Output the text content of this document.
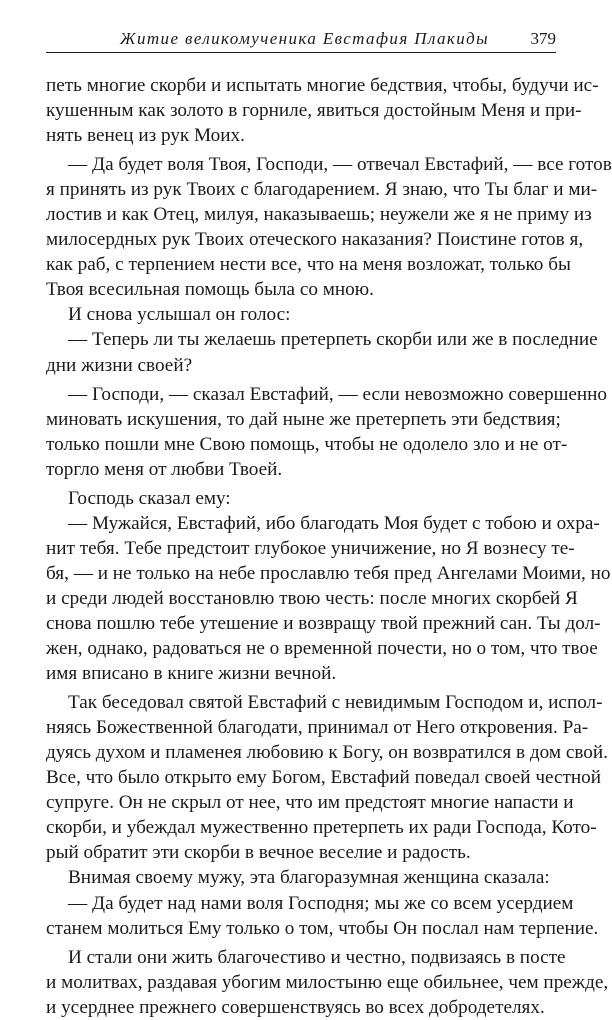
Житие великомученика Евстафия Плакиды 379
петь многие скорби и испытать многие бедствия, чтобы, будучи ис-
кушенным как золото в горниле, явиться достойным Меня и при-
нять венец из рук Моих.
— Да будет воля Твоя, Господи, — отвечал Евстафий, — все готов
я принять из рук Твоих с благодарением. Я знаю, что Ты благ и ми-
лостив и как Отец, милуя, наказываешь; неужели же я не приму из
милосердных рук Твоих отеческого наказания? Поистине готов я,
как раб, с терпением нести все, что на меня возложат, только бы
Твоя всесильная помощь была со мною.
И снова услышал он голос:
— Теперь ли ты желаешь претерпеть скорби или же в последние
дни жизни своей?
— Господи, — сказал Евстафий, — если невозможно совершенно
миновать искушения, то дай ныне же претерпеть эти бедствия;
только пошли мне Свою помощь, чтобы не одолело зло и не от-
торгло меня от любви Твоей.
Господь сказал ему:
— Мужайся, Евстафий, ибо благодать Моя будет с тобою и охра-
нит тебя. Тебе предстоит глубокое уничижение, но Я вознесу те-
бя, — и не только на небе прославлю тебя пред Ангелами Моими, но
и среди людей восстановлю твою честь: после многих скорбей Я
снова пошлю тебе утешение и возвращу твой прежний сан. Ты дол-
жен, однако, радоваться не о временной почести, но о том, что твое
имя вписано в книге жизни вечной.
Так беседовал святой Евстафий с невидимым Господом и, испол-
няясь Божественной благодати, принимал от Него откровения. Ра-
дуясь духом и пламенея любовию к Богу, он возвратился в дом свой.
Все, что было открыто ему Богом, Евстафий поведал своей честной
супруге. Он не скрыл от нее, что им предстоят многие напасти и
скорби, и убеждал мужественно претерпеть их ради Господа, Кото-
рый обратит эти скорби в вечное веселие и радость.
Внимая своему мужу, эта благоразумная женщина сказала:
— Да будет над нами воля Господня; мы же со всем усердием
станем молиться Ему только о том, чтобы Он послал нам терпение.
И стали они жить благочестиво и честно, подвизаясь в посте
и молитвах, раздавая убогим милостыню еще обильнее, чем прежде,
и усерднее прежнего совершенствуясь во всех добродетелях.
